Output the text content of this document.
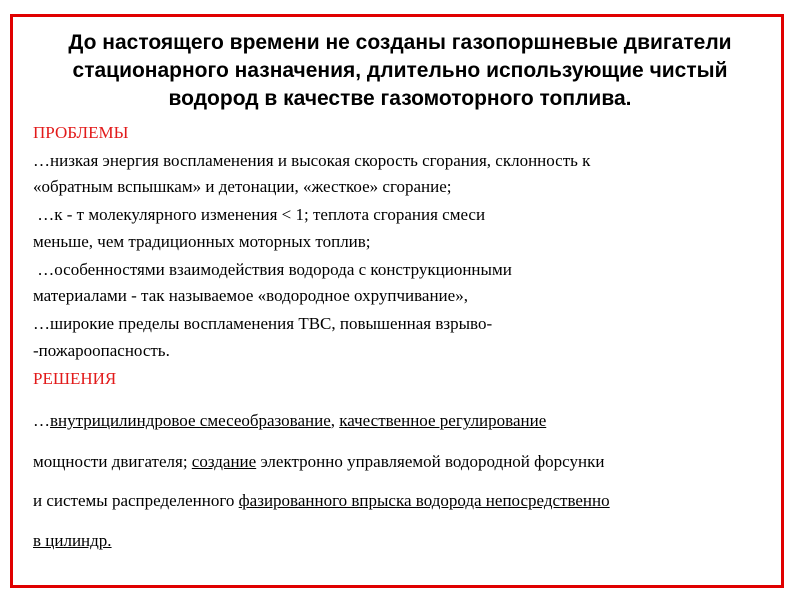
До настоящего времени не созданы газопоршневые двигатели
стационарного назначения, длительно использующие чистый
водород в качестве газомоторного топлива.
ПРОБЛЕМЫ
…низкая энергия воспламенения и высокая скорость сгорания, склонность к
«обратным вспышкам» и детонации, «жесткое» сгорание;
…к - т молекулярного изменения < 1; теплота сгорания смеси
меньше, чем традиционных моторных топлив;
…особенностями взаимодействия водорода с конструкционными
материалами - так называемое «водородное охрупчивание»,
…широкие пределы воспламенения ТВС, повышенная взрыво-
-пожароопасность.
РЕШЕНИЯ
…внутрицилиндровое смесеобразование, качественное регулирование
мощности двигателя; создание электронно управляемой водородной форсунки
и системы распределенного фазированного впрыска водорода непосредственно
в цилиндр.
